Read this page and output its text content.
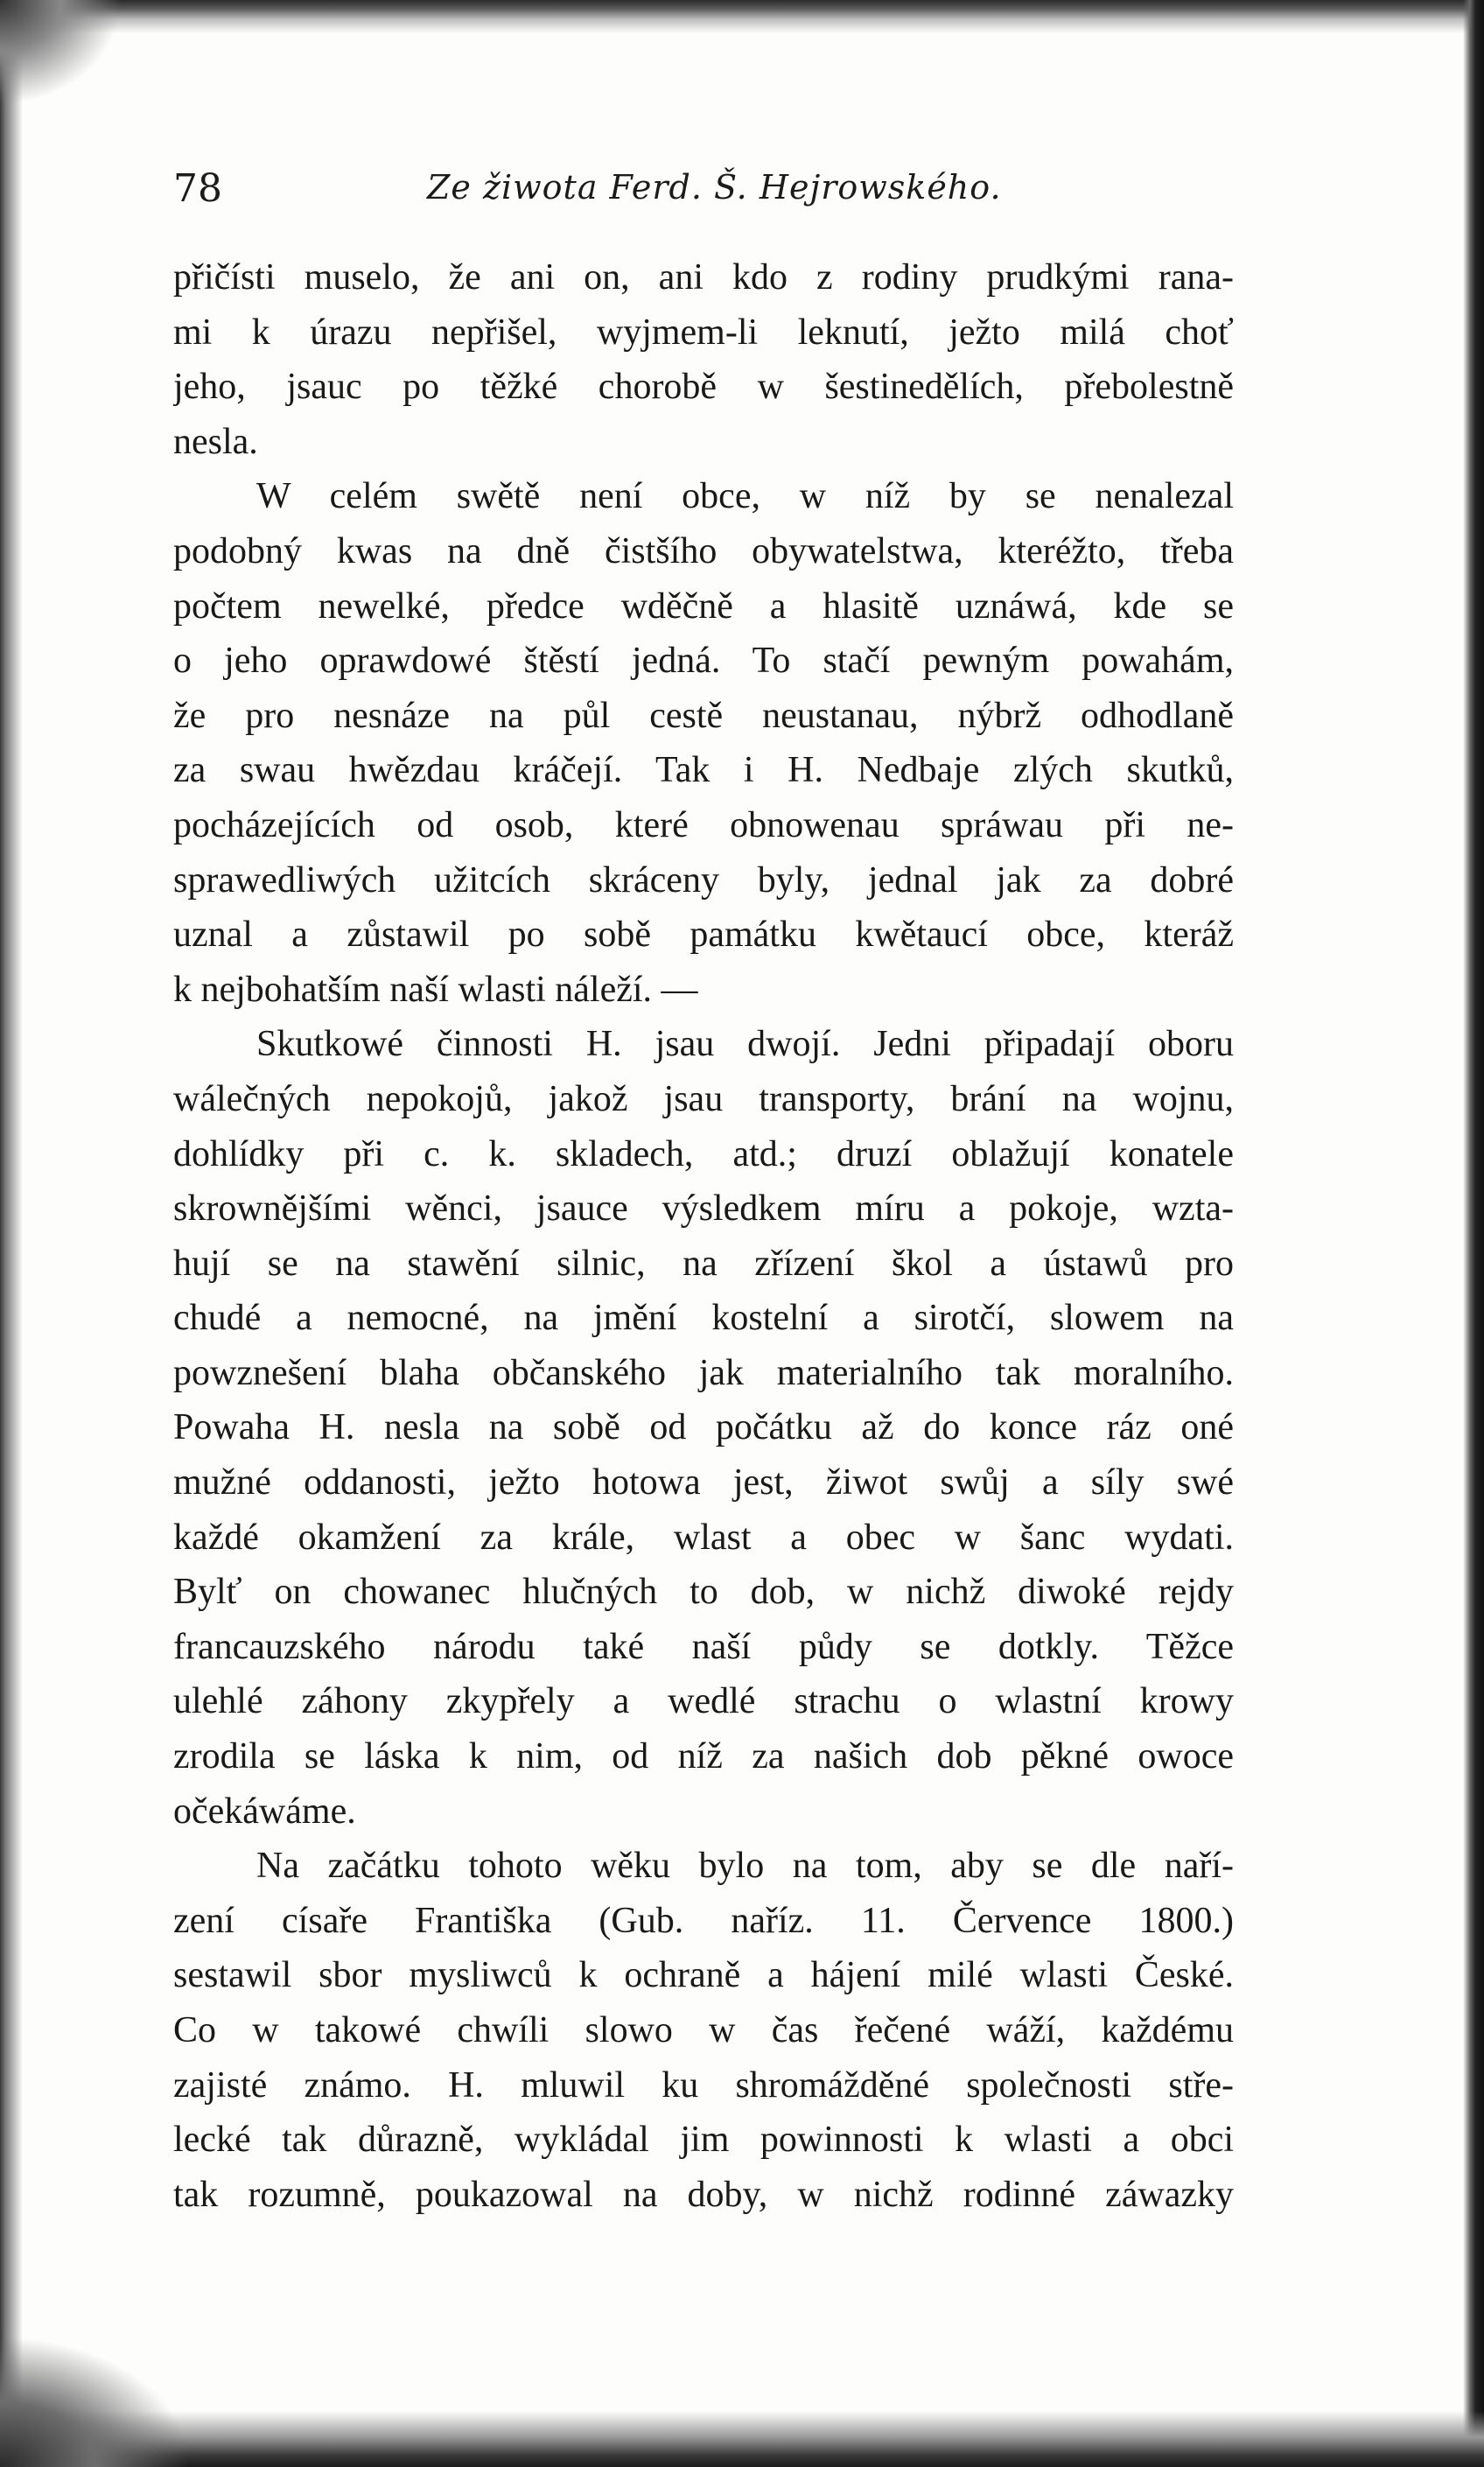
78	Ze žiwota Ferd. Š. Hejrowského.
přičísti muselo, že ani on, ani kdo z rodiny prudkými rana-
mi k úrazu nepřišel, wyjmem-li leknutí, ježto milá choť
jeho, jsauc po těžké chorobě w šestinedělích, přebolestně
nesla.
W celém swětě není obce, w níž by se nenalezal
podobný kwas na dně čistšího obywatelstwa, kteréžto, třeba
počtem newelké, předce wděčně a hlasitě uznáwá, kde se
o jeho oprawdowé štěstí jedná. To stačí pewným powahám,
že pro nesnáze na půl cestě neustanau, nýbrž odhodlaně
za swau hwězdau kráčejí. Tak i H. Nedbaje zlých skutků,
pocházejících od osob, které obnowenau spráwau při ne-
sprawedliwých užitcích skráceny byly, jednal jak za dobré
uznal a zůstawil po sobě památku kwětaucí obce, kteráž
k nejbohatším naší wlasti náleží. —
Skutkowé činnosti H. jsau dwojí. Jedni připadají oboru
wálečných nepokojů, jakož jsau transporty, brání na wojnu,
dohlídky při c. k. skladech, atd.; druzí oblažují konatele
skrownějšími wěnci, jsauce výsledkem míru a pokoje, wzta-
hují se na stawění silnic, na zřízení škol a ústawů pro
chudé a nemocné, na jmění kostelní a sirotčí, slowem na
powznešení blaha občanského jak materialního tak moralního.
Powaha H. nesla na sobě od počátku až do konce ráz oné
mužné oddanosti, ježto hotowa jest, žiwot swůj a síly swé
každé okamžení za krále, wlast a obec w šanc wydati.
Bylť on chowanec hlučných to dob, w nichž diwoké rejdy
francauzského národu také naší půdy se dotkly. Těžce
ulehlé záhony zkypřely a wedlé strachu o wlastní krowy
zrodila se láska k nim, od níž za našich dob pěkné owoce
očekáwáme.
Na začátku tohoto wěku bylo na tom, aby se dle naří-
zení císaře Františka (Gub. naříz. 11. Července 1800.)
sestawil sbor mysliwců k ochraně a hájení milé wlasti České.
Co w takowé chwíli slowo w čas řečené wáží, každému
zajisté známo. H. mluwil ku shromážděné společnosti stře-
lecké tak důrazně, wykládal jim powinnosti k wlasti a obci
tak rozumně, poukazowal na doby, w nichž rodinné záwazky
